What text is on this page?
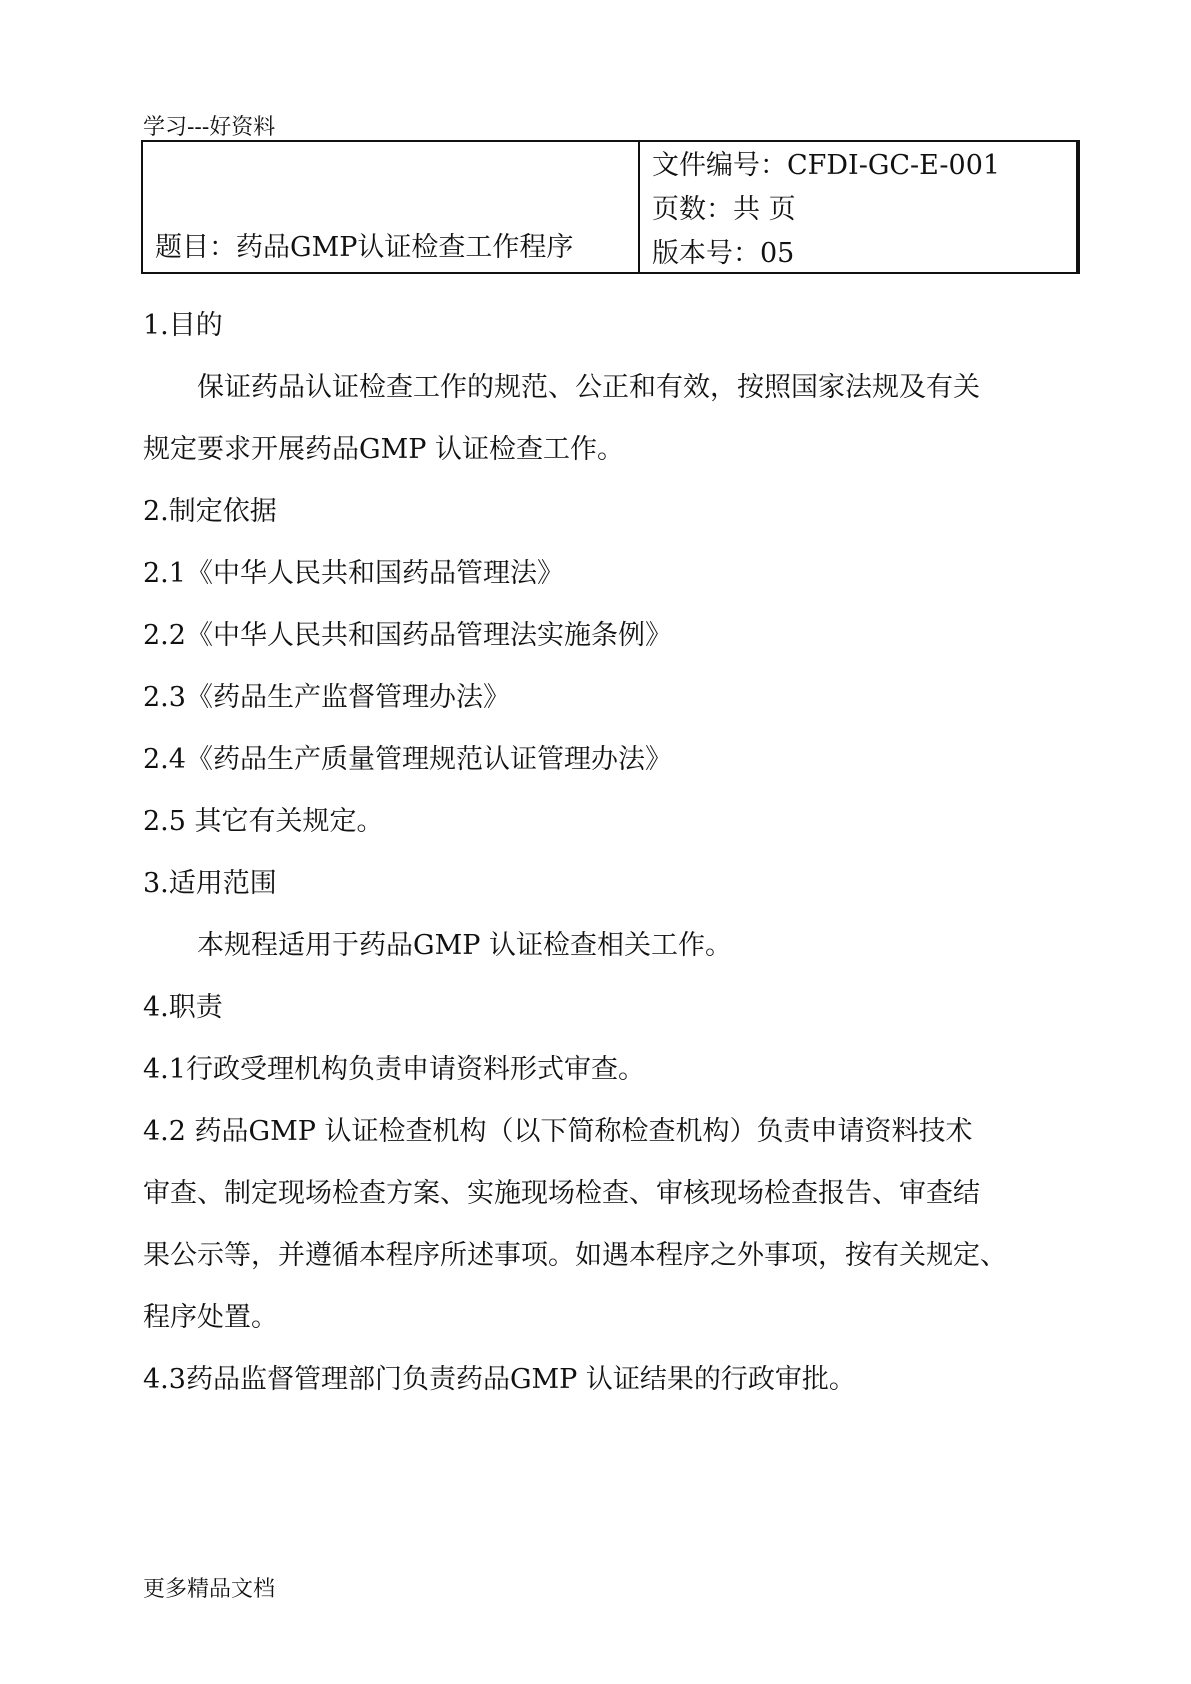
学习---好资料
题目：药品GMP认证检查工作程序
文件编号：CFDI-GC-E-001
页数：共 页
版本号：05
1.目的
保证药品认证检查工作的规范、公正和有效，按照国家法规及有关
规定要求开展药品GMP 认证检查工作。
2.制定依据
2.1《中华人民共和国药品管理法》
2.2《中华人民共和国药品管理法实施条例》
2.3《药品生产监督管理办法》
2.4《药品生产质量管理规范认证管理办法》
2.5 其它有关规定。
3.适用范围
本规程适用于药品GMP 认证检查相关工作。
4.职责
4.1行政受理机构负责申请资料形式审查。
4.2 药品GMP 认证检查机构（以下简称检查机构）负责申请资料技术
审查、制定现场检查方案、实施现场检查、审核现场检查报告、审查结
果公示等，并遵循本程序所述事项。如遇本程序之外事项，按有关规定、
程序处置。
4.3药品监督管理部门负责药品GMP 认证结果的行政审批。
更多精品文档
